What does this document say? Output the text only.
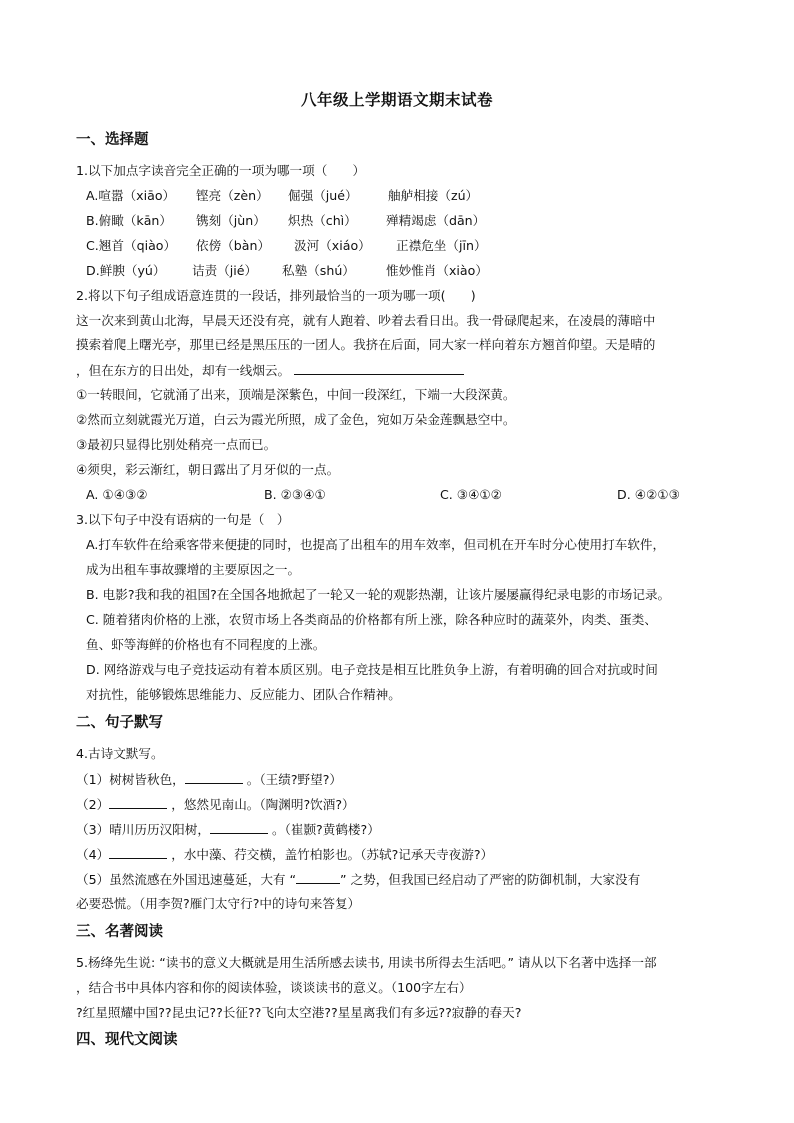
八年级上学期语文期末试卷
一、选择题
1.以下加点字读音完全正确的一项为哪一项（　　）
A.喧嚣（xiāo） 铿亮（zèn） 倔强（jué） 舳舻相接（zú）
B.俯瞰（kān） 镌刻（jùn） 炽热（chì） 殚精竭虑（dān）
C.翘首（qiào） 依傍（bàn） 汲河（xiáo） 正襟危坐（jīn）
D.鲜腴（yú） 诘责（jié） 私塾（shú） 惟妙惟肖（xiào）
2.将以下句子组成语意连贯的一段话，排列最恰当的一项为哪一项(　　)
这一次来到黄山北海，早晨天还没有亮，就有人跑着、吵着去看日出。我一骨碌爬起来，在凌晨的薄暗中
摸索着爬上曙光亭，那里已经是黑压压的一团人。我挤在后面，同大家一样向着东方翘首仰望。天是晴的
，但在东方的日出处，却有一线烟云。
①一转眼间，它就涌了出来，顶端是深紫色，中间一段深红，下端一大段深黄。
②然而立刻就霞光万道，白云为霞光所照，成了金色，宛如万朵金莲飘悬空中。
③最初只显得比别处稍亮一点而已。
④须臾，彩云渐红，朝日露出了月牙似的一点。
A. ①④③②	B. ②③④①	C. ③④①②	D. ④②①③
3.以下句子中没有语病的一句是（　）
A.打车软件在给乘客带来便捷的同时，也提高了出租车的用车效率，但司机在开车时分心使用打车软件，
成为出租车事故骤增的主要原因之一。
B. 电影?我和我的祖国?在全国各地掀起了一轮又一轮的观影热潮，让该片屡屡赢得纪录电影的市场记录。
C. 随着猪肉价格的上涨，农贸市场上各类商品的价格都有所上涨，除各种应时的蔬菜外，肉类、蛋类、
鱼、虾等海鲜的价格也有不同程度的上涨。
D. 网络游戏与电子竞技运动有着本质区别。电子竞技是相互比胜负争上游，有着明确的回合对抗或时间
对抗性，能够锻炼思维能力、反应能力、团队合作精神。
二、句子默写
4.古诗文默写。
（1）树树皆秋色，	。（王绩?野望?）
（2）	，悠然见南山。（陶渊明?饮酒?）
（3）晴川历历汉阳树，	。（崔颢?黄鹤楼?）
（4）	，水中藻、荇交横，盖竹柏影也。（苏轼?记承天寺夜游?）
（5）虽然流感在外国迅速蔓延，大有 “	” 之势，但我国已经启动了严密的防御机制，大家没有
必要恐慌。（用李贺?雁门太守行?中的诗句来答复）
三、名著阅读
5.杨绛先生说: “读书的意义大概就是用生活所感去读书, 用读书所得去生活吧。” 请从以下名著中选择一部
，结合书中具体内容和你的阅读体验，谈谈读书的意义。（100字左右）
?红星照耀中国??昆虫记??长征??飞向太空港??星星离我们有多远??寂静的春天?
四、现代文阅读
